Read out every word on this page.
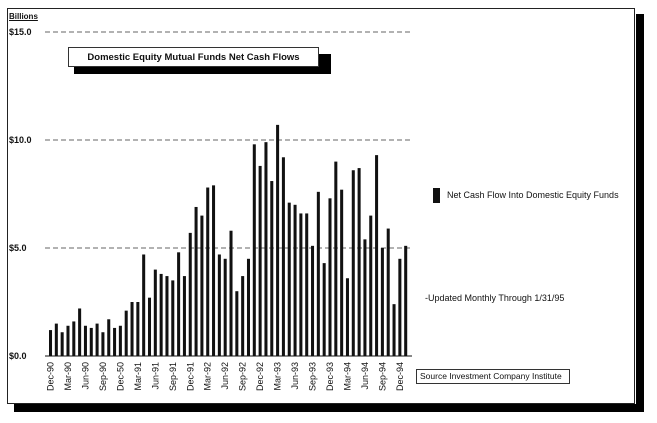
$0.0
$5.0
$10.0
$15.0
Dec-90 Mar-90 Jun-90 Sep-90 Dec-50 Mar-91 Jun-91 Sep-91 Dec-91 Mar-92 Jun-92 Sep-92 Dec-92 Mar-93 Jun-93 Sep-93 Dec-93 Mar-94 Jun-94 Sep-94 Dec-94
Billions
Domestic Equity Mutual Funds Net Cash Flows
Net Cash Flow Into Domestic Equity Funds
-Updated Monthly Through 1/31/95
Source Investment Company Institute
